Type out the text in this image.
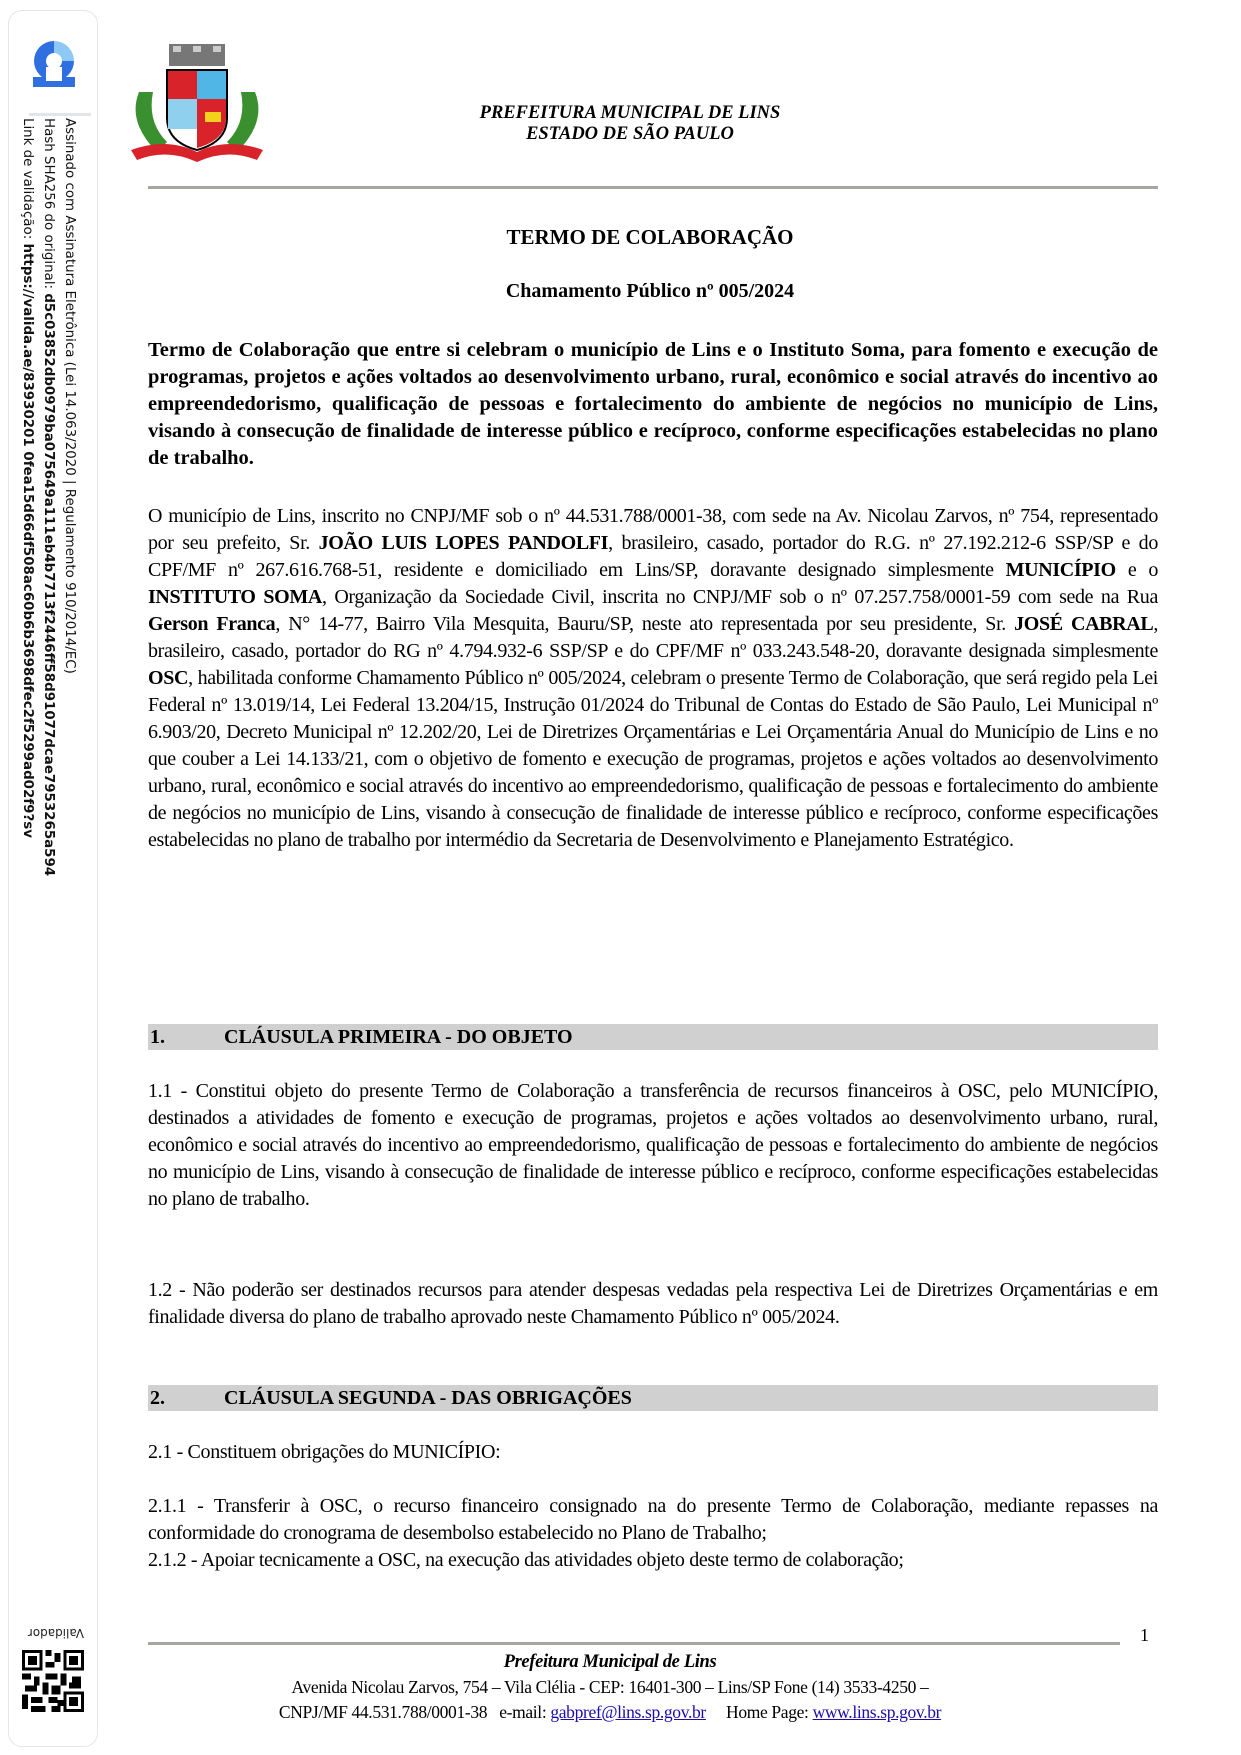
Assinado com Assinatura Eletrônica (Lei 14.063/2020 | Regulamento 910/2014/EC)
Hash SHA256 do original: d5c03852db0979ba075649a111eb4b7713f2446ff58d91077dcae7953265a594
Link de validação: https://valida.ae/83930201 0fea15d66df508ac60b6b3698dfec2f5299ad02f9?sv
Validador
PREFEITURA MUNICIPAL DE LINS
ESTADO DE SÃO PAULO
TERMO DE COLABORAÇÃO
Chamamento Público nº 005/2024
Termo de Colaboração que entre si celebram o município de Lins e o Instituto Soma, para fomento e execução de programas, projetos e ações voltados ao desenvolvimento urbano, rural, econômico e social através do incentivo ao empreendedorismo, qualificação de pessoas e fortalecimento do ambiente de negócios no município de Lins, visando à consecução de finalidade de interesse público e recíproco, conforme especificações estabelecidas no plano de trabalho.
O município de Lins, inscrito no CNPJ/MF sob o nº 44.531.788/0001-38, com sede na Av. Nicolau Zarvos, nº 754, representado por seu prefeito, Sr. JOÃO LUIS LOPES PANDOLFI, brasileiro, casado, portador do R.G. nº 27.192.212-6 SSP/SP e do CPF/MF nº 267.616.768-51, residente e domiciliado em Lins/SP, doravante designado simplesmente MUNICÍPIO e o INSTITUTO SOMA, Organização da Sociedade Civil, inscrita no CNPJ/MF sob o nº 07.257.758/0001-59 com sede na Rua Gerson Franca, N° 14-77, Bairro Vila Mesquita, Bauru/SP, neste ato representada por seu presidente, Sr. JOSÉ CABRAL, brasileiro, casado, portador do RG nº 4.794.932-6 SSP/SP e do CPF/MF nº 033.243.548-20, doravante designada simplesmente OSC, habilitada conforme Chamamento Público nº 005/2024, celebram o presente Termo de Colaboração, que será regido pela Lei Federal nº 13.019/14, Lei Federal 13.204/15, Instrução 01/2024 do Tribunal de Contas do Estado de São Paulo, Lei Municipal nº 6.903/20, Decreto Municipal nº 12.202/20, Lei de Diretrizes Orçamentárias e Lei Orçamentária Anual do Município de Lins e no que couber a Lei 14.133/21, com o objetivo de fomento e execução de programas, projetos e ações voltados ao desenvolvimento urbano, rural, econômico e social através do incentivo ao empreendedorismo, qualificação de pessoas e fortalecimento do ambiente de negócios no município de Lins, visando à consecução de finalidade de interesse público e recíproco, conforme especificações estabelecidas no plano de trabalho por intermédio da Secretaria de Desenvolvimento e Planejamento Estratégico.
1.	CLÁUSULA PRIMEIRA - DO OBJETO
1.1 - Constitui objeto do presente Termo de Colaboração a transferência de recursos financeiros à OSC, pelo MUNICÍPIO, destinados a atividades de fomento e execução de programas, projetos e ações voltados ao desenvolvimento urbano, rural, econômico e social através do incentivo ao empreendedorismo, qualificação de pessoas e fortalecimento do ambiente de negócios no município de Lins, visando à consecução de finalidade de interesse público e recíproco, conforme especificações estabelecidas no plano de trabalho.
1.2 - Não poderão ser destinados recursos para atender despesas vedadas pela respectiva Lei de Diretrizes Orçamentárias e em finalidade diversa do plano de trabalho aprovado neste Chamamento Público nº 005/2024.
2.	CLÁUSULA SEGUNDA - DAS OBRIGAÇÕES
2.1 - Constituem obrigações do MUNICÍPIO:
2.1.1 - Transferir à OSC, o recurso financeiro consignado na do presente Termo de Colaboração, mediante repasses na conformidade do cronograma de desembolso estabelecido no Plano de Trabalho;
2.1.2 - Apoiar tecnicamente a OSC, na execução das atividades objeto deste termo de colaboração;
1
Prefeitura Municipal de Lins
Avenida Nicolau Zarvos, 754 – Vila Clélia - CEP: 16401-300 – Lins/SP Fone (14) 3533-4250 –
CNPJ/MF 44.531.788/0001-38 e-mail: gabpref@lins.sp.gov.br Home Page: www.lins.sp.gov.br
